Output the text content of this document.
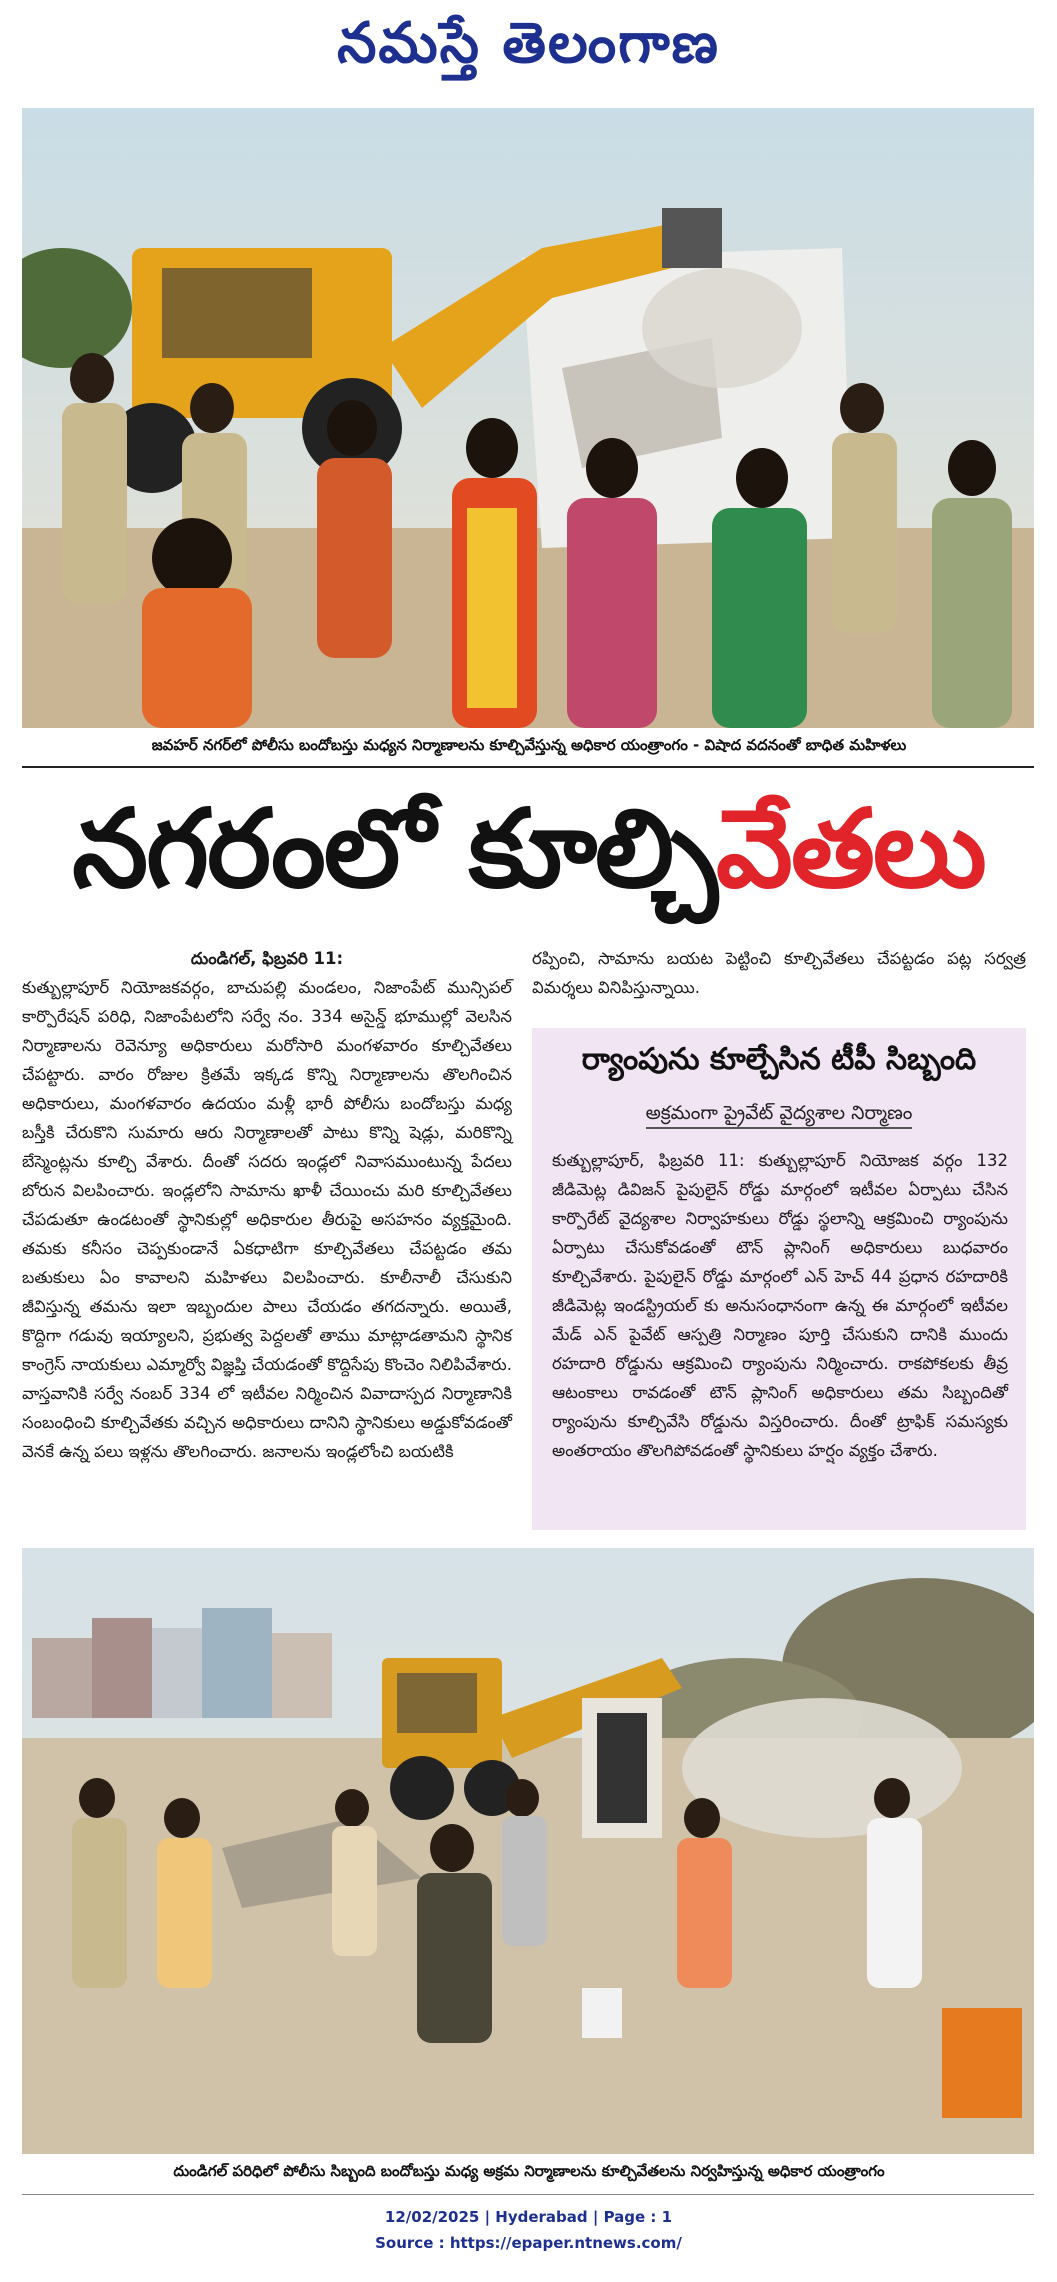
నమస్తే తెలంగాణ
జవహర్ నగర్‌లో పోలీసు బందోబస్తు మధ్యన నిర్మాణాలను కూల్చివేస్తున్న అధికార యంత్రాంగం - విషాద వదనంతో బాధిత మహిళలు
నగరంలో కూల్చివేతలు
దుండిగల్, ఫిబ్రవరి 11:
కుత్బుల్లాపూర్ నియోజకవర్గం, బాచుపల్లి మండలం, నిజాంపేట్ మున్సిపల్ కార్పొరేషన్ పరిధి, నిజాంపేటలోని సర్వే నం. 334 అసైన్డ్ భూముల్లో వెలసిన నిర్మాణాలను రెవెన్యూ అధికారులు మరోసారి మంగళవారం కూల్చివేతలు చేపట్టారు. వారం రోజుల క్రితమే ఇక్కడ కొన్ని నిర్మాణాలను తొలగించిన అధికారులు, మంగళవారం ఉదయం మళ్లీ భారీ పోలీసు బందోబస్తు మధ్య బస్తీకి చేరుకొని సుమారు ఆరు నిర్మాణాలతో పాటు కొన్ని షెడ్లు, మరికొన్ని బేస్మెంట్లను కూల్చి వేశారు. దీంతో సదరు ఇండ్లలో నివాసముంటున్న పేదలు బోరున విలపించారు. ఇండ్లలోని సామాను ఖాళీ చేయించు మరి కూల్చివేతలు చేపడుతూ ఉండటంతో స్థానికుల్లో అధికారుల తీరుపై అసహనం వ్యక్తమైంది. తమకు కనీసం చెప్పకుండానే ఏకధాటిగా కూల్చివేతలు చేపట్టడం తమ బతుకులు ఏం కావాలని మహిళలు విలపించారు. కూలీనాలీ చేసుకుని జీవిస్తున్న తమను ఇలా ఇబ్బందుల పాలు చేయడం తగదన్నారు. అయితే, కొద్దిగా గడువు ఇయ్యాలని, ప్రభుత్వ పెద్దలతో తాము మాట్లాడతామని స్థానిక కాంగ్రెస్ నాయకులు ఎమ్మార్వో విజ్ఞప్తి చేయడంతో కొద్దిసేపు కొంచెం నిలిపివేశారు. వాస్తవానికి సర్వే నంబర్ 334 లో ఇటీవల నిర్మించిన వివాదాస్పద నిర్మాణానికి సంబంధించి కూల్చివేతకు వచ్చిన అధికారులు దానిని స్థానికులు అడ్డుకోవడంతో వెనకే ఉన్న పలు ఇళ్లను తొలగించారు. జనాలను ఇండ్లలోంచి బయటికి
రప్పించి, సామాను బయట పెట్టించి కూల్చివేతలు చేపట్టడం పట్ల సర్వత్ర విమర్శలు వినిపిస్తున్నాయి.
ర్యాంపును కూల్చేసిన టీపీ సిబ్బంది
అక్రమంగా ప్రైవేట్ వైద్యశాల నిర్మాణం
కుత్బుల్లాపూర్, ఫిబ్రవరి 11: కుత్బుల్లాపూర్ నియోజక వర్గం 132 జీడిమెట్ల డివిజన్ పైపులైన్ రోడ్డు మార్గంలో ఇటీవల ఏర్పాటు చేసిన కార్పొరేట్ వైద్యశాల నిర్వాహకులు రోడ్డు స్థలాన్ని ఆక్రమించి ర్యాంపును ఏర్పాటు చేసుకోవడంతో టౌన్ ప్లానింగ్ అధికారులు బుధవారం కూల్చివేశారు. పైపులైన్ రోడ్డు మార్గంలో ఎన్ హెచ్ 44 ప్రధాన రహదారికి జీడిమెట్ల ఇండస్ట్రియల్ కు అనుసంధానంగా ఉన్న ఈ మార్గంలో ఇటీవల మేడ్ ఎన్ పైవేట్ ఆస్పత్రి నిర్మాణం పూర్తి చేసుకుని దానికి ముందు రహదారి రోడ్డును ఆక్రమించి ర్యాంపును నిర్మించారు. రాకపోకలకు తీవ్ర ఆటంకాలు రావడంతో టౌన్ ప్లానింగ్ అధికారులు తమ సిబ్బందితో ర్యాంపును కూల్చివేసి రోడ్డును విస్తరించారు. దీంతో ట్రాఫిక్ సమస్యకు అంతరాయం తొలగిపోవడంతో స్థానికులు హర్షం వ్యక్తం చేశారు.
దుండిగల్ పరిధిలో పోలీసు సిబ్బంది బందోబస్తు మధ్య అక్రమ నిర్మాణాలను కూల్చివేతలను నిర్వహిస్తున్న అధికార యంత్రాంగం
12/02/2025 | Hyderabad | Page : 1
Source : https://epaper.ntnews.com/
